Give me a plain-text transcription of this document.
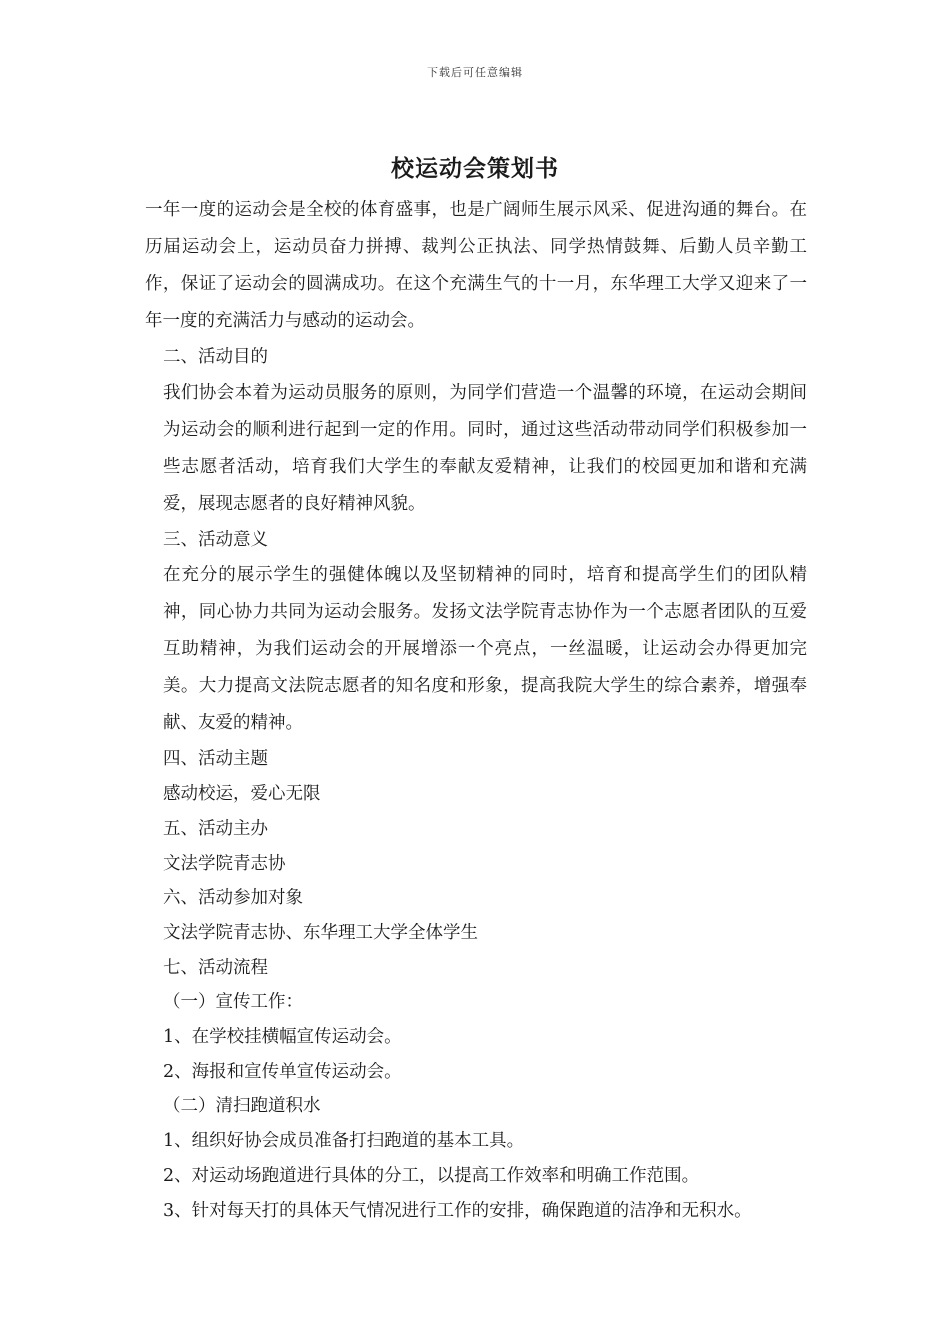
下载后可任意编辑
校运动会策划书

一年一度的运动会是全校的体育盛事，也是广阔师生展示风采、促进沟通的舞台。在历届运动会上，运动员奋力拼搏、裁判公正执法、同学热情鼓舞、后勤人员辛勤工作，保证了运动会的圆满成功。在这个充满生气的十一月，东华理工大学又迎来了一年一度的充满活力与感动的运动会。

二、活动目的

我们协会本着为运动员服务的原则，为同学们营造一个温馨的环境，在运动会期间为运动会的顺利进行起到一定的作用。同时，通过这些活动带动同学们积极参加一些志愿者活动，培育我们大学生的奉献友爱精神，让我们的校园更加和谐和充满爱，展现志愿者的良好精神风貌。

三、活动意义

在充分的展示学生的强健体魄以及坚韧精神的同时，培育和提高学生们的团队精神，同心协力共同为运动会服务。发扬文法学院青志协作为一个志愿者团队的互爱互助精神，为我们运动会的开展增添一个亮点，一丝温暖，让运动会办得更加完美。大力提高文法院志愿者的知名度和形象，提高我院大学生的综合素养，增强奉献、友爱的精神。

四、活动主题

感动校运，爱心无限

五、活动主办

文法学院青志协

六、活动参加对象

文法学院青志协、东华理工大学全体学生

七、活动流程

（一）宣传工作：

1、在学校挂横幅宣传运动会。

2、海报和宣传单宣传运动会。

（二）清扫跑道积水

1、组织好协会成员准备打扫跑道的基本工具。

2、对运动场跑道进行具体的分工，以提高工作效率和明确工作范围。

3、针对每天打的具体天气情况进行工作的安排，确保跑道的洁净和无积水。
